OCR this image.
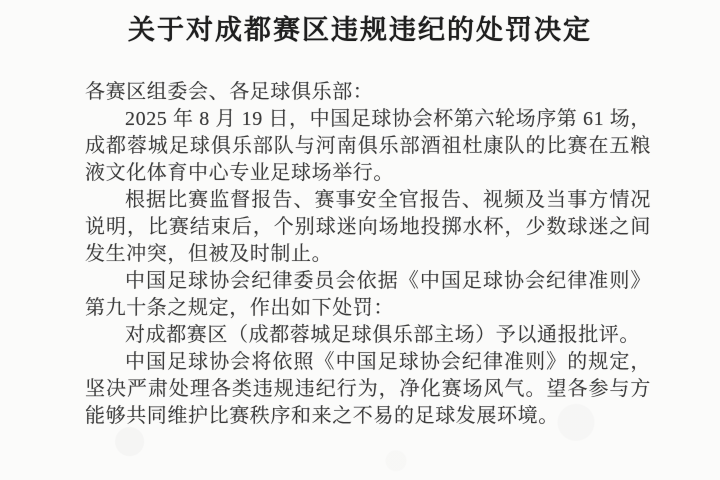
关于对成都赛区违规违纪的处罚决定

各赛区组委会、各足球俱乐部：

2025 年 8 月 19 日，中国足球协会杯第六轮场序第 61 场，成都蓉城足球俱乐部队与河南俱乐部酒祖杜康队的比赛在五粮液文化体育中心专业足球场举行。

根据比赛监督报告、赛事安全官报告、视频及当事方情况说明，比赛结束后，个别球迷向场地投掷水杯，少数球迷之间发生冲突，但被及时制止。

中国足球协会纪律委员会依据《中国足球协会纪律准则》第九十条之规定，作出如下处罚：

对成都赛区（成都蓉城足球俱乐部主场）予以通报批评。

中国足球协会将依照《中国足球协会纪律准则》的规定，坚决严肃处理各类违规违纪行为，净化赛场风气。望各参与方能够共同维护比赛秩序和来之不易的足球发展环境。
